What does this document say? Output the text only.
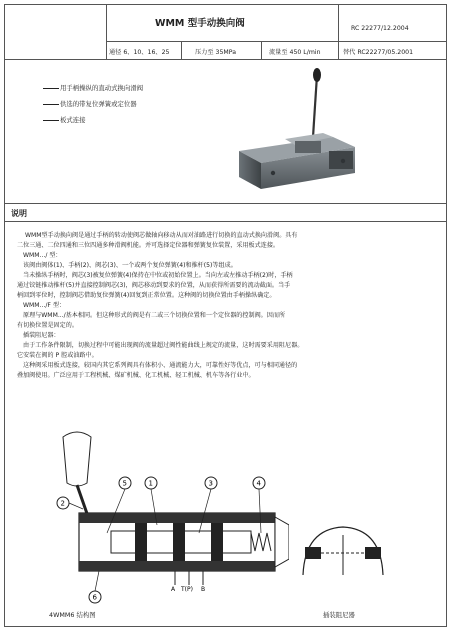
WMM 型手动换向阀	RC 22277/12.2004
通径 6、10、16、25	压力至 35MPa	流量至 450 L/min	替代 RC22277/05.2001
用手柄操纵的直动式换向滑阀
供选的带复位弹簧或定位器
板式连接
说明
WMM型手动换向阀是通过手柄的转动使阀芯做轴向移动从而对油路进行切换的直动式换向滑阀。具有
二位三通、二位四通和三位四通多种滑阀机能。并可选择定位器和弹簧复位装置，采用板式连接。
WMM.../ 型：
该阀由阀体(1)、手柄(2)、阀芯(3)、一个或两个复位弹簧(4)和推杆(5)等组成。
当未操纵手柄时，阀芯(3)被复位弹簧(4)保持在中位或初始位置上。当向左或左推动手柄(2)时，手柄
通过铰链推动推杆(5)并直接控制阀芯(3)，阀芯移动到要求的位置，从而获得所需要的流动截面。当手
柄回到零位时，控制阀芯借助复位弹簧(4)回复到正常位置。这种阀的切换位置由手柄操纵确定。
WMM.../F 型：
原理与WMM.../基本相同。但这种形式的阀是有二或三个切换位置和一个定位器的控制阀。因而所
有切换位置是固定的。
插装阻尼器：
由于工作条件限制，切换过程中可能出现阀的流量超过阀性能曲线上规定的流量，这时需要采用阻尼器。
它安装在阀的 P 腔或油路中。
这种阀采用板式连接，较国内其它系列阀具有体积小、通流能力大，可靠性好等优点，可与相同通径的
叠加阀使用。广泛应用于工程机械、煤矿机械、化工机械、轻工机械、机车等各行业中。
A T(P) B
1
2
3	4
5
6
4WMM6 结构图	插装阻尼器
